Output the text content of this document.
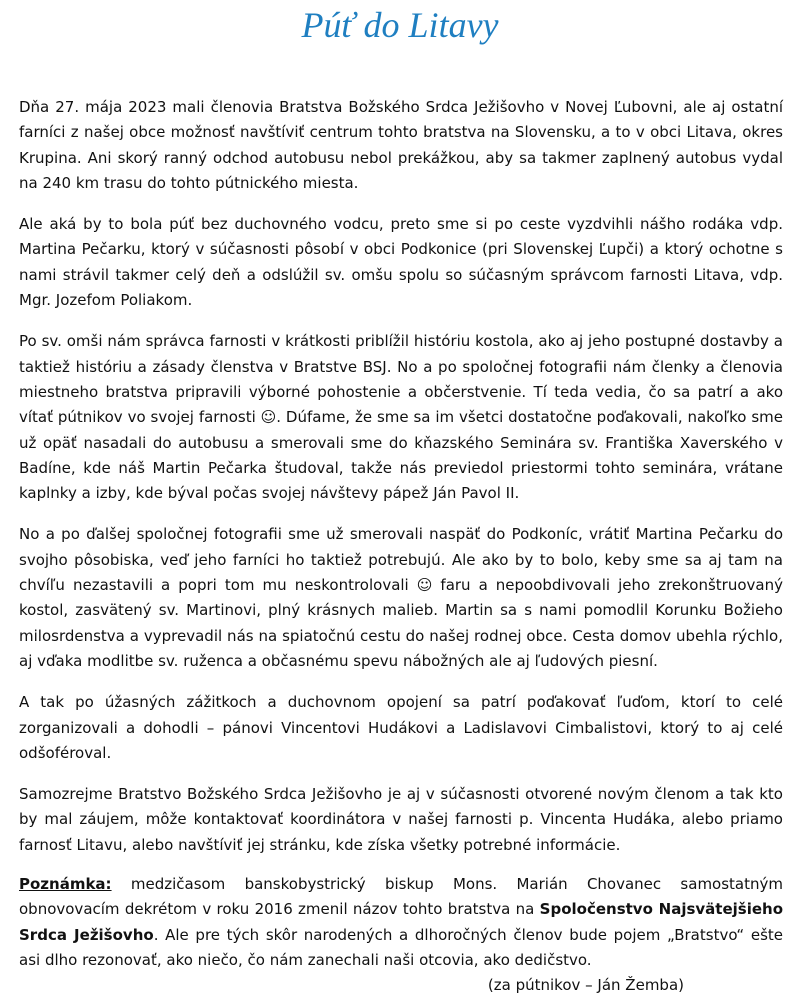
Púť do Litavy

Dňa 27. mája 2023 mali členovia Bratstva Božského Srdca Ježišovho v Novej Ľubovni, ale aj ostatní farníci z našej obce možnosť navštíviť centrum tohto bratstva na Slovensku, a to v obci Litava, okres Krupina. Ani skorý ranný odchod autobusu nebol prekážkou, aby sa takmer zaplnený autobus vydal na 240 km trasu do tohto pútnického miesta.

Ale aká by to bola púť bez duchovného vodcu, preto sme si po ceste vyzdvihli nášho rodáka vdp. Martina Pečarku, ktorý v súčasnosti pôsobí v obci Podkonice (pri Slovenskej Ľupči) a ktorý ochotne s nami strávil takmer celý deň a odslúžil sv. omšu spolu so súčasným správcom farnosti Litava, vdp. Mgr. Jozefom Poliakom.

Po sv. omši nám správca farnosti v krátkosti priblížil históriu kostola, ako aj jeho postupné dostavby a taktiež históriu a zásady členstva v Bratstve BSJ. No a po spoločnej fotografii nám členky a členovia miestneho bratstva pripravili výborné pohostenie a občerstvenie. Tí teda vedia, čo sa patrí a ako vítať pútnikov vo svojej farnosti ☺. Dúfame, že sme sa im všetci dostatočne poďakovali, nakoľko sme už opäť nasadali do autobusu a smerovali sme do kňazského Seminára sv. Františka Xaverského v Badíne, kde náš Martin Pečarka študoval, takže nás previedol priestormi tohto seminára, vrátane kaplnky a izby, kde býval počas svojej návštevy pápež Ján Pavol II.

No a po ďalšej spoločnej fotografii sme už smerovali naspäť do Podkoníc, vrátiť Martina Pečarku do svojho pôsobiska, veď jeho farníci ho taktiež potrebujú. Ale ako by to bolo, keby sme sa aj tam na chvíľu nezastavili a popri tom mu neskontrolovali ☺ faru a nepoobdivovali jeho zrekonštruovaný kostol, zasvätený sv. Martinovi, plný krásnych malieb. Martin sa s nami pomodlil Korunku Božieho milosrdenstva a vyprevadil nás na spiatočnú cestu do našej rodnej obce. Cesta domov ubehla rýchlo, aj vďaka modlitbe sv. ruženca a občasnému spevu nábožných ale aj ľudových piesní.

A tak po úžasných zážitkoch a duchovnom opojení sa patrí poďakovať ľuďom, ktorí to celé zorganizovali a dohodli – pánovi Vincentovi Hudákovi a Ladislavovi Cimbalistovi, ktorý to aj celé odšoféroval.

Samozrejme Bratstvo Božského Srdca Ježišovho je aj v súčasnosti otvorené novým členom a tak kto by mal záujem, môže kontaktovať koordinátora v našej farnosti p. Vincenta Hudáka, alebo priamo farnosť Litavu, alebo navštíviť jej stránku, kde získa všetky potrebné informácie.

Poznámka: medzičasom banskobystrický biskup Mons. Marián Chovanec samostatným obnovovacím dekrétom v roku 2016 zmenil názov tohto bratstva na Spoločenstvo Najsvätejšieho Srdca Ježišovho. Ale pre tých skôr narodených a dlhoročných členov bude pojem „Bratstvo“ ešte asi dlho rezonovať, ako niečo, čo nám zanechali naši otcovia, ako dedičstvo.

(za pútnikov – Ján Žemba)
